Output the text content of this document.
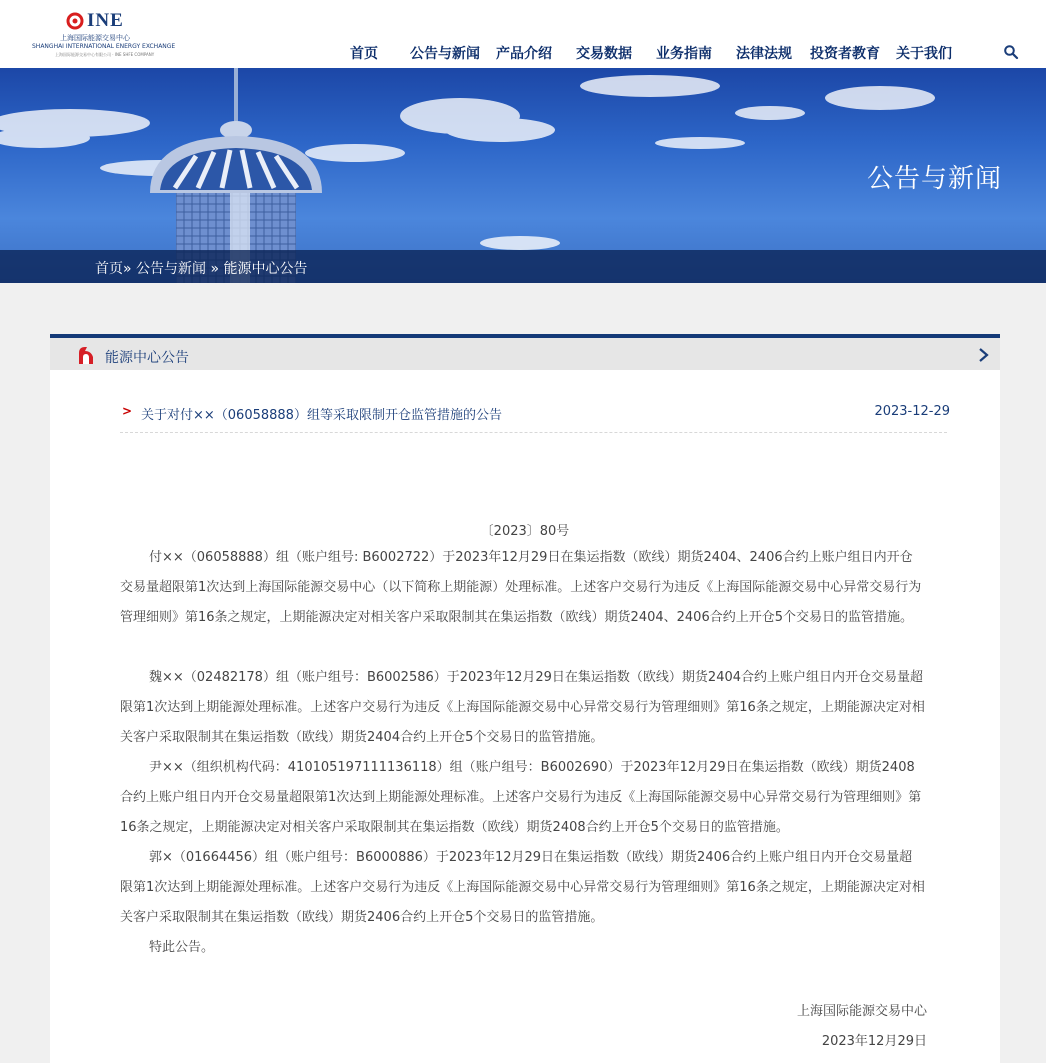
INE
上海国际能源交易中心
SHANGHAI INTERNATIONAL ENERGY EXCHANGE
上海国际能源交易中心有限公司 · INE SHFE COMPANY	首页 公告与新闻 产品介绍 交易数据 业务指南 法律法规 投资者教育 关于我们
公告与新闻
首页» 公告与新闻 » 能源中心公告
能源中心公告
> 关于对付××（06058888）组等采取限制开仓监管措施的公告	2023-12-29
〔2023〕80号
付××（06058888）组（账户组号: B6002722）于2023年12月29日在集运指数（欧线）期货2404、2406合约上账户组日内开仓交易量超限第1次达到上海国际能源交易中心（以下简称上期能源）处理标准。上述客户交易行为违反《上海国际能源交易中心异常交易行为管理细则》第16条之规定，上期能源决定对相关客户采取限制其在集运指数（欧线）期货2404、2406合约上开仓5个交易日的监管措施。
魏××（02482178）组（账户组号：B6002586）于2023年12月29日在集运指数（欧线）期货2404合约上账户组日内开仓交易量超限第1次达到上期能源处理标准。上述客户交易行为违反《上海国际能源交易中心异常交易行为管理细则》第16条之规定，上期能源决定对相关客户采取限制其在集运指数（欧线）期货2404合约上开仓5个交易日的监管措施。
尹××（组织机构代码：410105197111136118）组（账户组号：B6002690）于2023年12月29日在集运指数（欧线）期货2408合约上账户组日内开仓交易量超限第1次达到上期能源处理标准。上述客户交易行为违反《上海国际能源交易中心异常交易行为管理细则》第16条之规定，上期能源决定对相关客户采取限制其在集运指数（欧线）期货2408合约上开仓5个交易日的监管措施。
郭×（01664456）组（账户组号：B6000886）于2023年12月29日在集运指数（欧线）期货2406合约上账户组日内开仓交易量超限第1次达到上期能源处理标准。上述客户交易行为违反《上海国际能源交易中心异常交易行为管理细则》第16条之规定，上期能源决定对相关客户采取限制其在集运指数（欧线）期货2406合约上开仓5个交易日的监管措施。
特此公告。
上海国际能源交易中心
2023年12月29日
